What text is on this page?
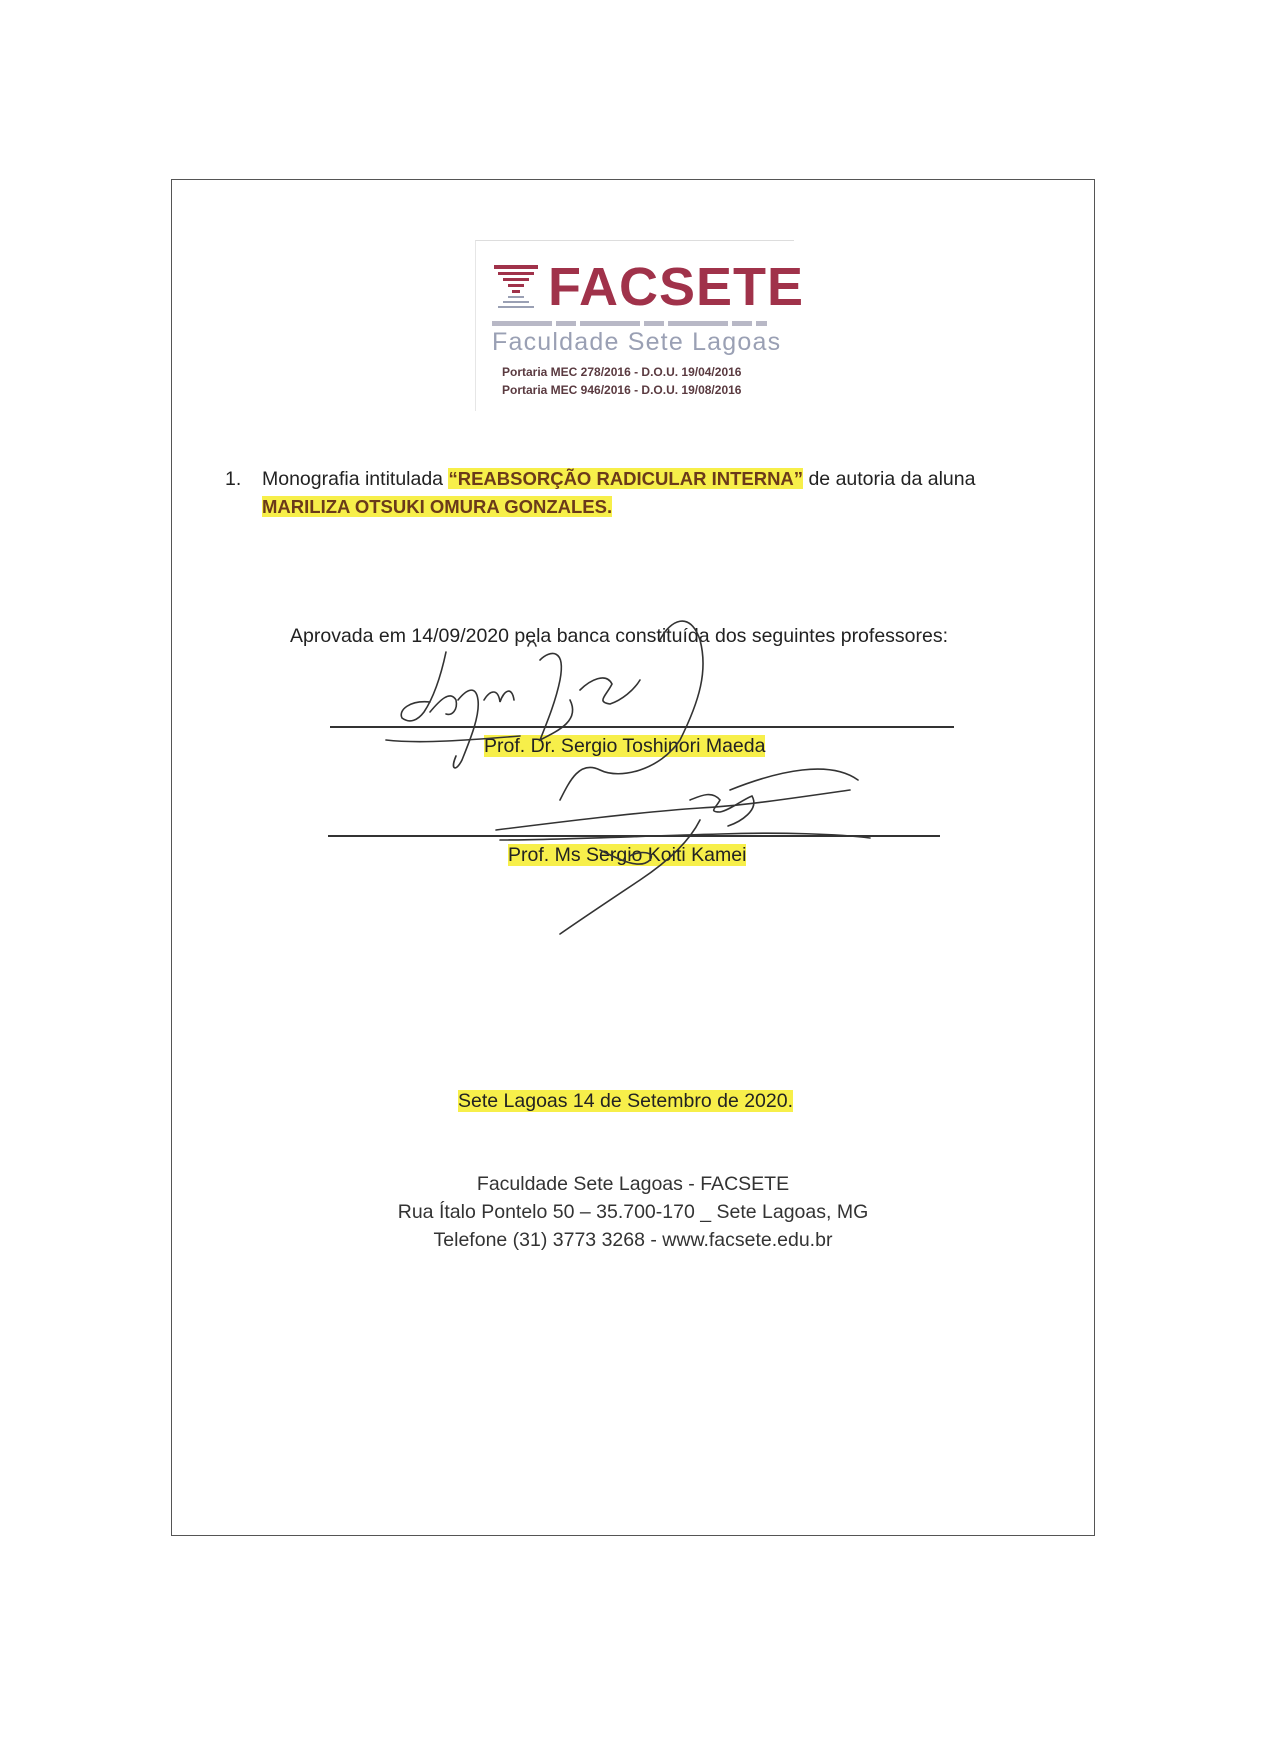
FACSETE
Faculdade Sete Lagoas
Portaria MEC 278/2016 - D.O.U. 19/04/2016
Portaria MEC 946/2016 - D.O.U. 19/08/2016
1. Monografia intitulada “REABSORÇÃO RADICULAR INTERNA” de autoria da aluna
MARILIZA OTSUKI OMURA GONZALES.
Aprovada em 14/09/2020 pela banca constituída dos seguintes professores:
Prof. Dr. Sergio Toshinori Maeda
Prof. Ms Sergio Koiti Kamei
Sete Lagoas 14 de Setembro de 2020.
Faculdade Sete Lagoas - FACSETE
Rua Ítalo Pontelo 50 – 35.700-170 _ Sete Lagoas, MG
Telefone (31) 3773 3268 - www.facsete.edu.br
